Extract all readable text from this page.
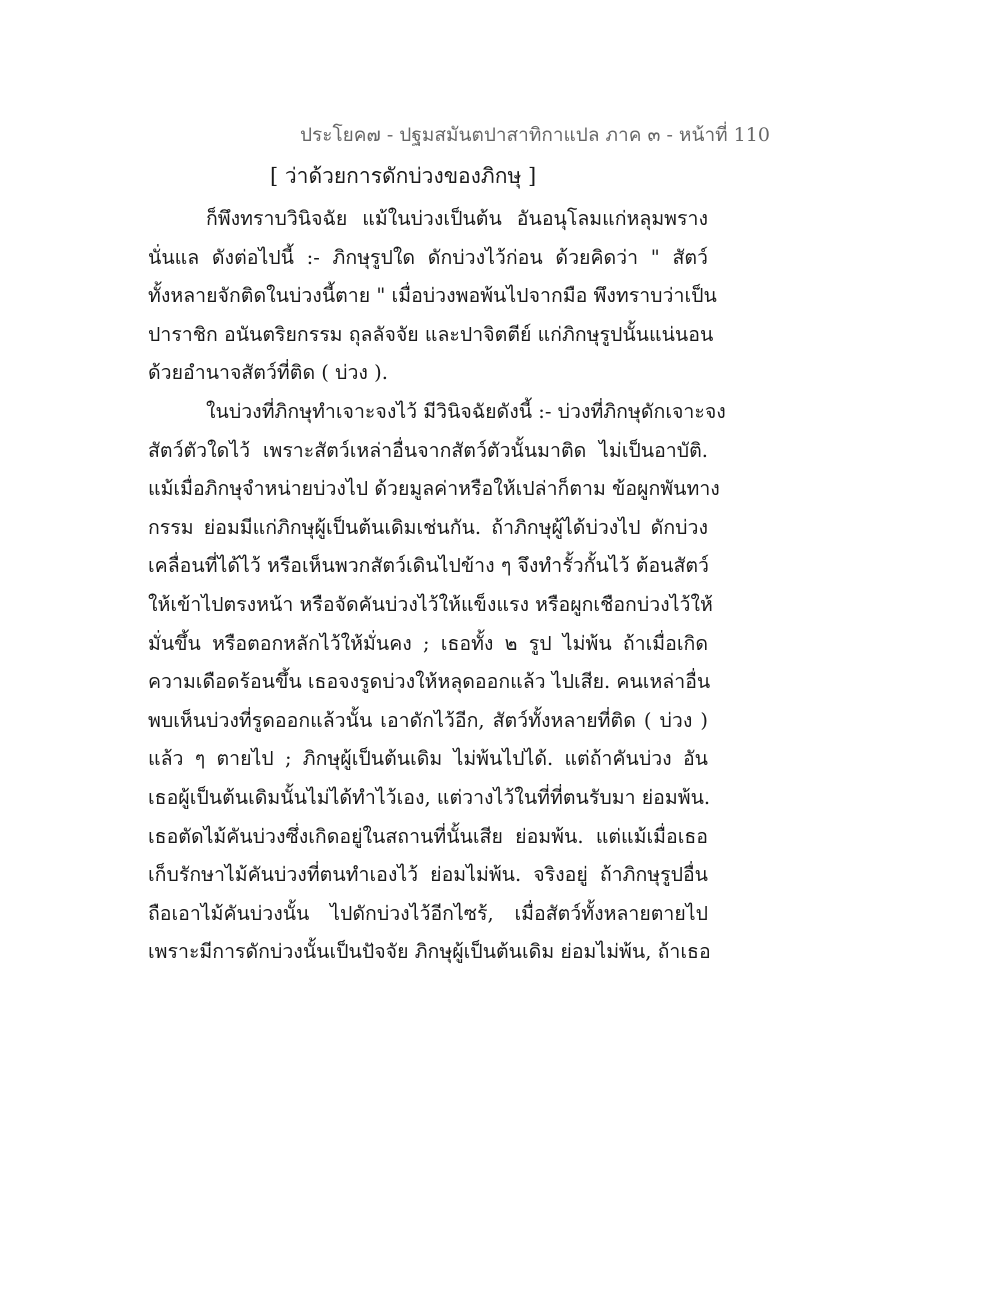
ประโยค๗ - ปฐมสมันตปาสาทิกาแปล ภาค ๓ - หน้าที่ 110
[ ว่าด้วยการดักบ่วงของภิกษุ ]
ก็พึงทราบวินิจฉัย แม้ในบ่วงเป็นต้น อันอนุโลมแก่หลุมพราง
นั่นแล ดังต่อไปนี้ :- ภิกษุรูปใด ดักบ่วงไว้ก่อน ด้วยคิดว่า " สัตว์
ทั้งหลายจักติดในบ่วงนี้ตาย " เมื่อบ่วงพอพ้นไปจากมือ พึงทราบว่าเป็น
ปาราชิก อนันตริยกรรม ถุลลัจจัย และปาจิตตีย์ แก่ภิกษุรูปนั้นแน่นอน
ด้วยอำนาจสัตว์ที่ติด ( บ่วง ).
ในบ่วงที่ภิกษุทำเจาะจงไว้ มีวินิจฉัยดังนี้ :- บ่วงที่ภิกษุดักเจาะจง
สัตว์ตัวใดไว้ เพราะสัตว์เหล่าอื่นจากสัตว์ตัวนั้นมาติด ไม่เป็นอาบัติ.
แม้เมื่อภิกษุจำหน่ายบ่วงไป ด้วยมูลค่าหรือให้เปล่าก็ตาม ข้อผูกพันทาง
กรรม ย่อมมีแก่ภิกษุผู้เป็นต้นเดิมเช่นกัน. ถ้าภิกษุผู้ได้บ่วงไป ดักบ่วง
เคลื่อนที่ได้ไว้ หรือเห็นพวกสัตว์เดินไปข้าง ๆ จึงทำรั้วกั้นไว้ ต้อนสัตว์
ให้เข้าไปตรงหน้า หรือจัดคันบ่วงไว้ให้แข็งแรง หรือผูกเชือกบ่วงไว้ให้
มั่นขึ้น หรือตอกหลักไว้ให้มั่นคง ; เธอทั้ง ๒ รูป ไม่พ้น ถ้าเมื่อเกิด
ความเดือดร้อนขึ้น เธอจงรูดบ่วงให้หลุดออกแล้ว ไปเสีย. คนเหล่าอื่น
พบเห็นบ่วงที่รูดออกแล้วนั้น เอาดักไว้อีก, สัตว์ทั้งหลายที่ติด ( บ่วง )
แล้ว ๆ ตายไป ; ภิกษุผู้เป็นต้นเดิม ไม่พ้นไปได้. แต่ถ้าคันบ่วง อัน
เธอผู้เป็นต้นเดิมนั้นไม่ได้ทำไว้เอง, แต่วางไว้ในที่ที่ตนรับมา ย่อมพ้น.
เธอตัดไม้คันบ่วงซึ่งเกิดอยู่ในสถานที่นั้นเสีย ย่อมพ้น. แต่แม้เมื่อเธอ
เก็บรักษาไม้คันบ่วงที่ตนทำเองไว้ ย่อมไม่พ้น. จริงอยู่ ถ้าภิกษุรูปอื่น
ถือเอาไม้คันบ่วงนั้น ไปดักบ่วงไว้อีกไซร้, เมื่อสัตว์ทั้งหลายตายไป
เพราะมีการดักบ่วงนั้นเป็นปัจจัย ภิกษุผู้เป็นต้นเดิม ย่อมไม่พ้น, ถ้าเธอ
